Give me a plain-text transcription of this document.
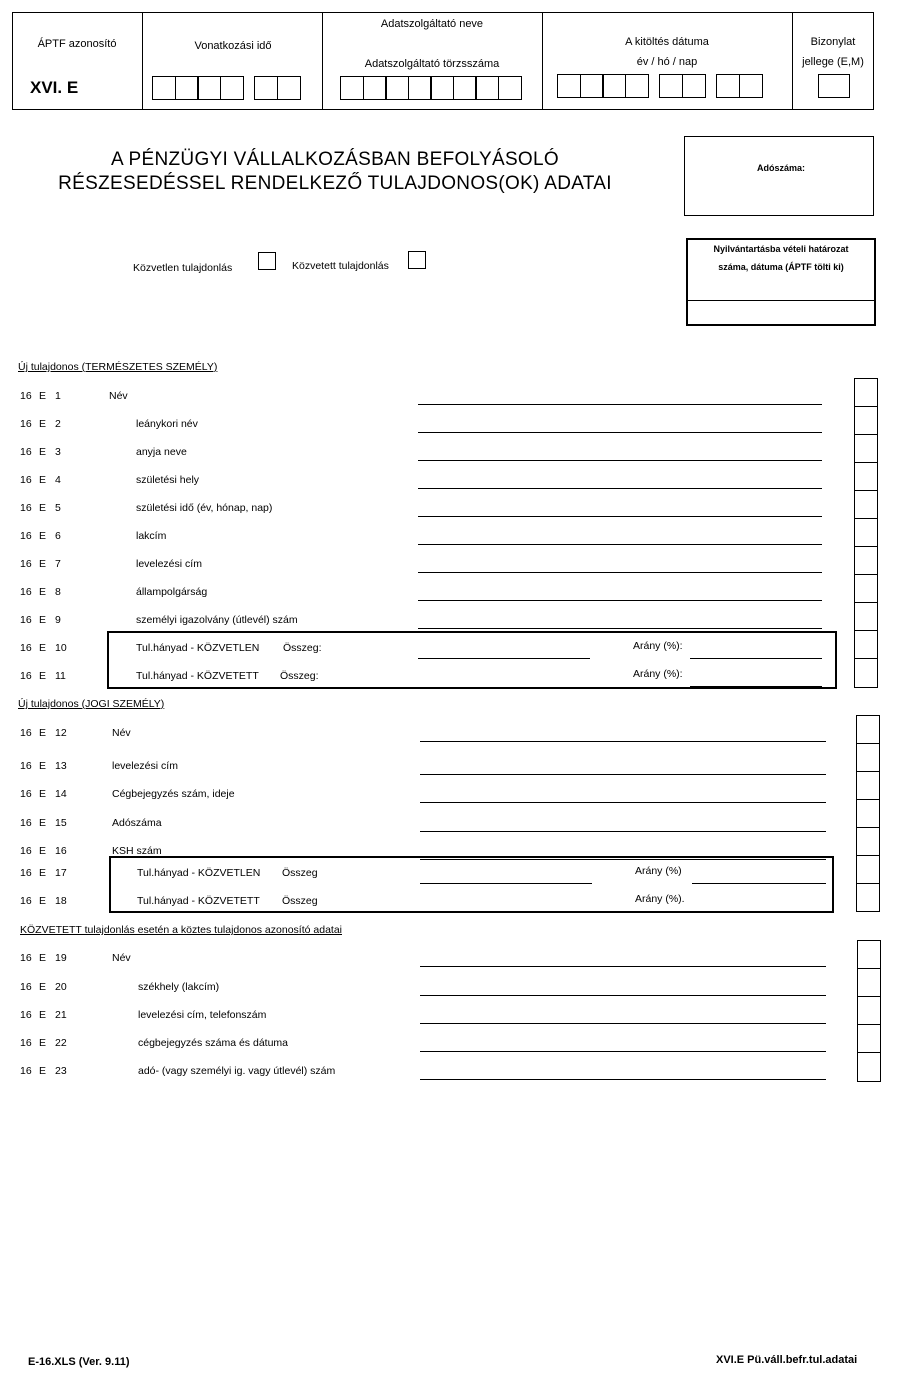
ÁPTF azonosító
XVI. E
Vonatkozási idő
Adatszolgáltató neve
Adatszolgáltató törzsszáma
A kitöltés dátuma
év / hó / nap
Bizonylat
jellege (E,M)
A PÉNZÜGYI VÁLLALKOZÁSBAN BEFOLYÁSOLÓ
RÉSZESEDÉSSEL RENDELKEZŐ TULAJDONOS(OK) ADATAI
Adószáma:
Nyilvántartásba vételi határozat
száma, dátuma (ÁPTF tölti ki)
Közvetlen tulajdonlás	Közvetett tulajdonlás
Új tulajdonos (TERMÉSZETES SZEMÉLY)
Új tulajdonos (JOGI SZEMÉLY)
KÖZVETETT tulajdonlás esetén a köztes tulajdonos azonosító adatai
16 E 1	Név
16 E 2	leánykori név
16 E 3	anyja neve
16 E 4	születési hely
16 E 5	születési idő (év, hónap, nap)
16 E 6	lakcím
16 E 7	levelezési cím
16 E 8	állampolgárság
16 E 9	személyi igazolvány (útlevél) szám
16 E 10	Tul.hányad - KÖZVETLEN Összeg:	Arány (%):
16 E 11	Tul.hányad - KÖZVETETT Összeg:	Arány (%):
16 E 12	Név
16 E 13	levelezési cím
16 E 14	Cégbejegyzés szám, ideje
16 E 15	Adószáma
16 E 16	KSH szám
16 E 17	Tul.hányad - KÖZVETLEN Összeg	Arány (%)
16 E 18	Tul.hányad - KÖZVETETT Összeg	Arány (%).
16 E 19	Név
16 E 20	székhely (lakcím)
16 E 21	levelezési cím, telefonszám
16 E 22	cégbejegyzés száma és dátuma
16 E 23	adó- (vagy személyi ig. vagy útlevél) szám
E-16.XLS (Ver. 9.11)	XVI.E Pü.váll.befr.tul.adatai
